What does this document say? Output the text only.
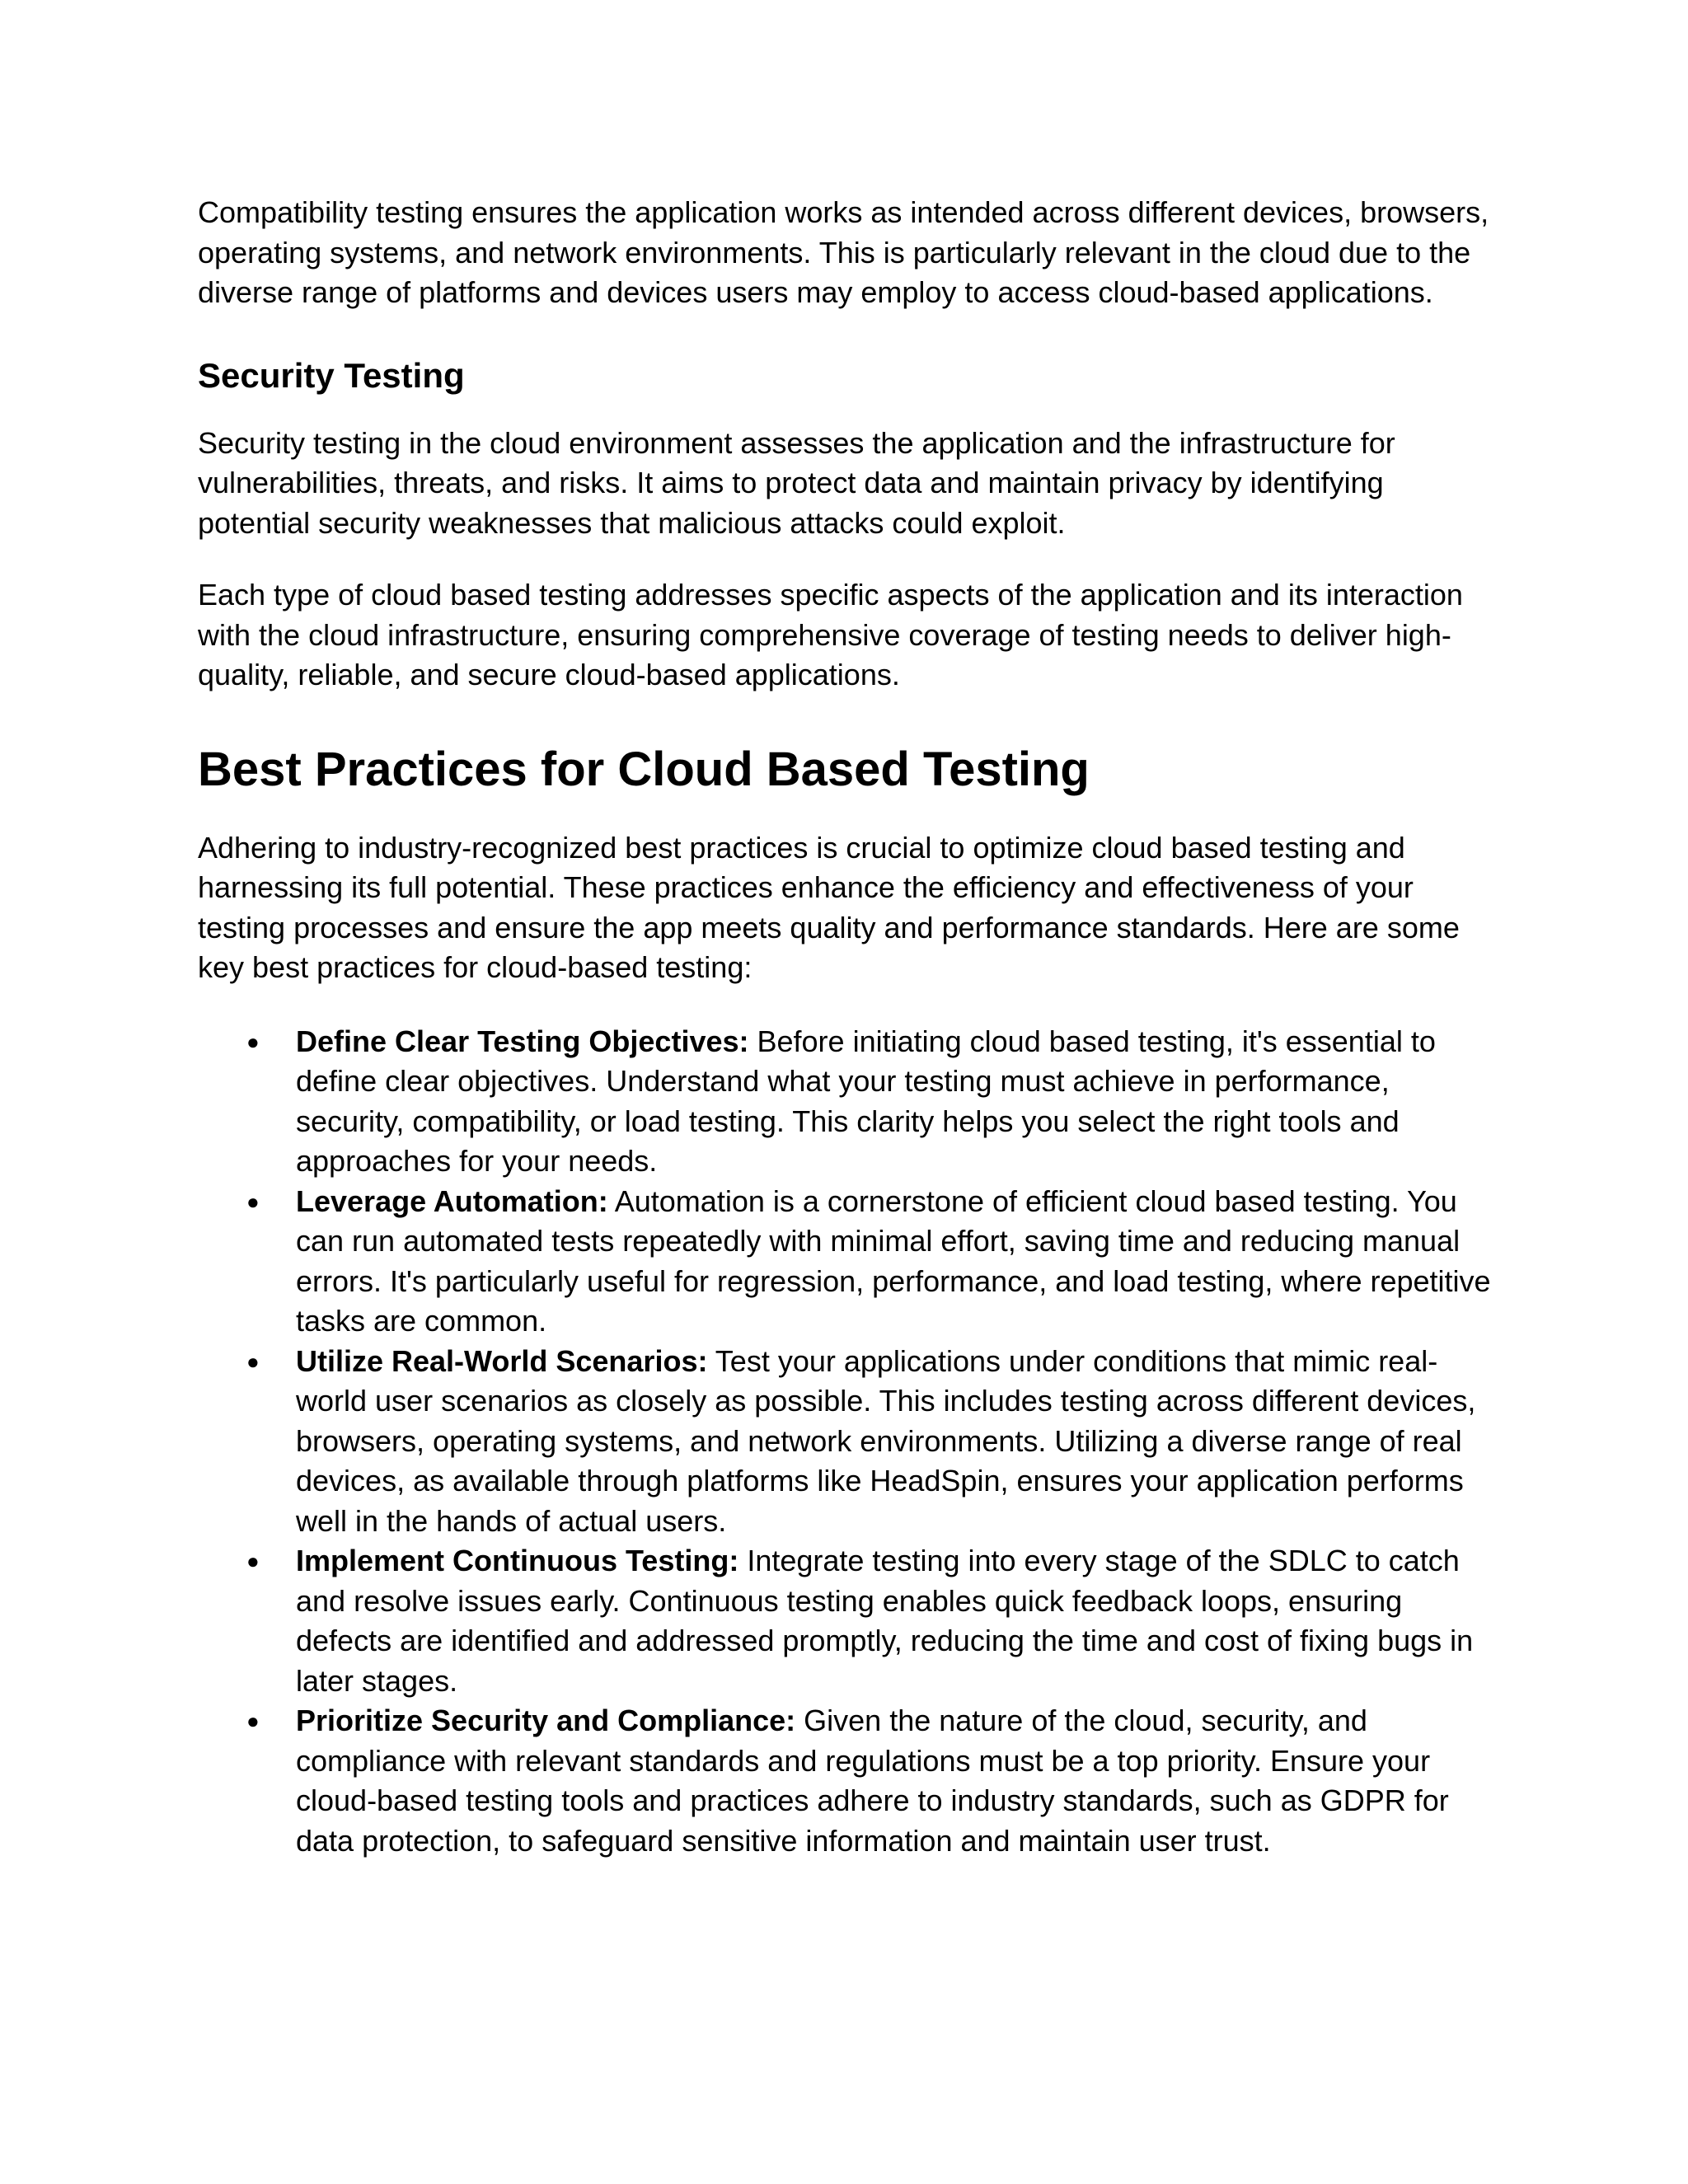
Compatibility testing ensures the application works as intended across different devices, browsers, operating systems, and network environments. This is particularly relevant in the cloud due to the diverse range of platforms and devices users may employ to access cloud-based applications.

Security Testing

Security testing in the cloud environment assesses the application and the infrastructure for vulnerabilities, threats, and risks. It aims to protect data and maintain privacy by identifying potential security weaknesses that malicious attacks could exploit.

Each type of cloud based testing addresses specific aspects of the application and its interaction with the cloud infrastructure, ensuring comprehensive coverage of testing needs to deliver high-quality, reliable, and secure cloud-based applications.

Best Practices for Cloud Based Testing

Adhering to industry-recognized best practices is crucial to optimize cloud based testing and harnessing its full potential. These practices enhance the efficiency and effectiveness of your testing processes and ensure the app meets quality and performance standards. Here are some key best practices for cloud-based testing:

● Define Clear Testing Objectives: Before initiating cloud based testing, it's essential to define clear objectives. Understand what your testing must achieve in performance, security, compatibility, or load testing. This clarity helps you select the right tools and approaches for your needs.
● Leverage Automation: Automation is a cornerstone of efficient cloud based testing. You can run automated tests repeatedly with minimal effort, saving time and reducing manual errors. It's particularly useful for regression, performance, and load testing, where repetitive tasks are common.
● Utilize Real-World Scenarios: Test your applications under conditions that mimic real-world user scenarios as closely as possible. This includes testing across different devices, browsers, operating systems, and network environments. Utilizing a diverse range of real devices, as available through platforms like HeadSpin, ensures your application performs well in the hands of actual users.
● Implement Continuous Testing: Integrate testing into every stage of the SDLC to catch and resolve issues early. Continuous testing enables quick feedback loops, ensuring defects are identified and addressed promptly, reducing the time and cost of fixing bugs in later stages.
● Prioritize Security and Compliance: Given the nature of the cloud, security, and compliance with relevant standards and regulations must be a top priority. Ensure your cloud-based testing tools and practices adhere to industry standards, such as GDPR for data protection, to safeguard sensitive information and maintain user trust.
